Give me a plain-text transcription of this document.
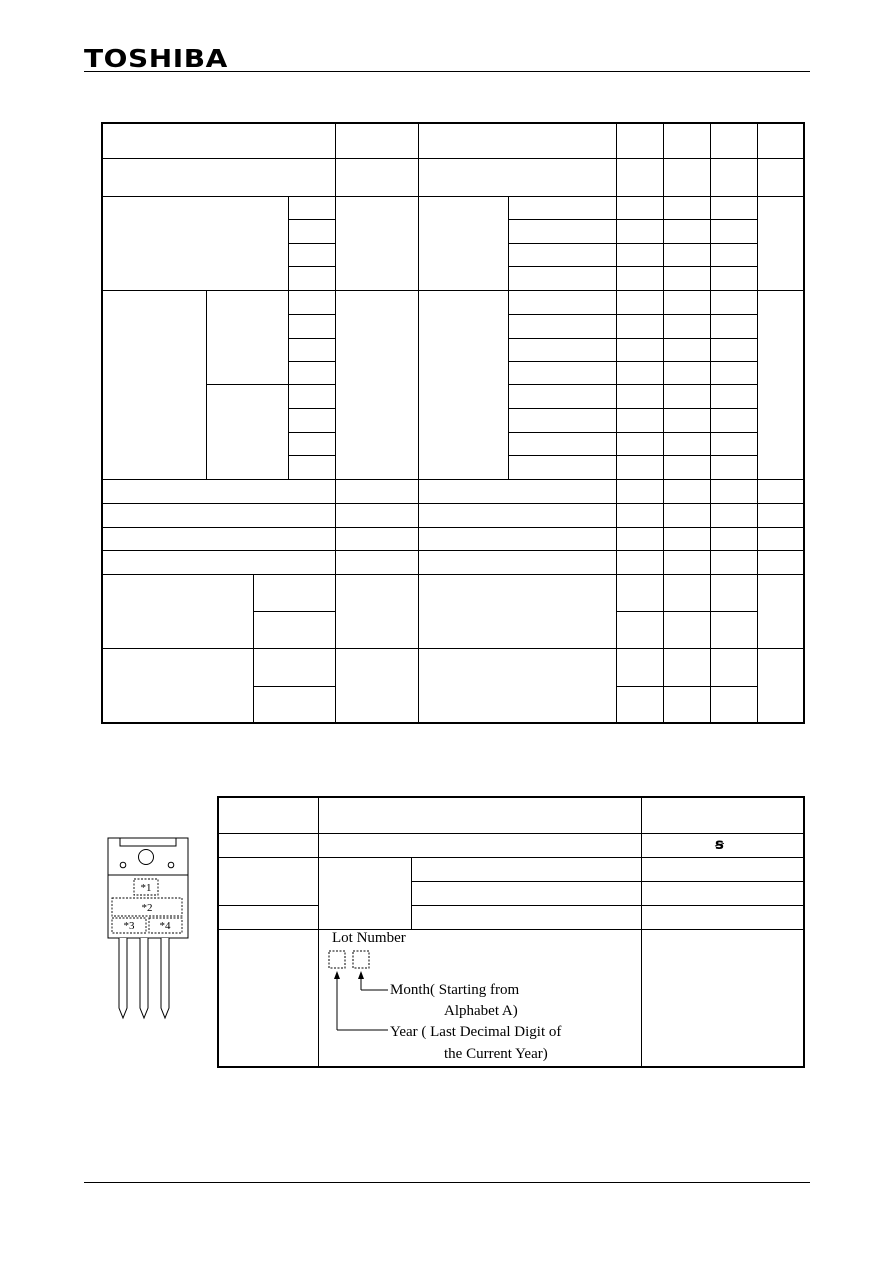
TOSHIBA
*1
*2
*3 *4
ꞩ
Lot Number
Month( Starting from
Alphabet A)
Year ( Last Decimal Digit of
the Current Year)
